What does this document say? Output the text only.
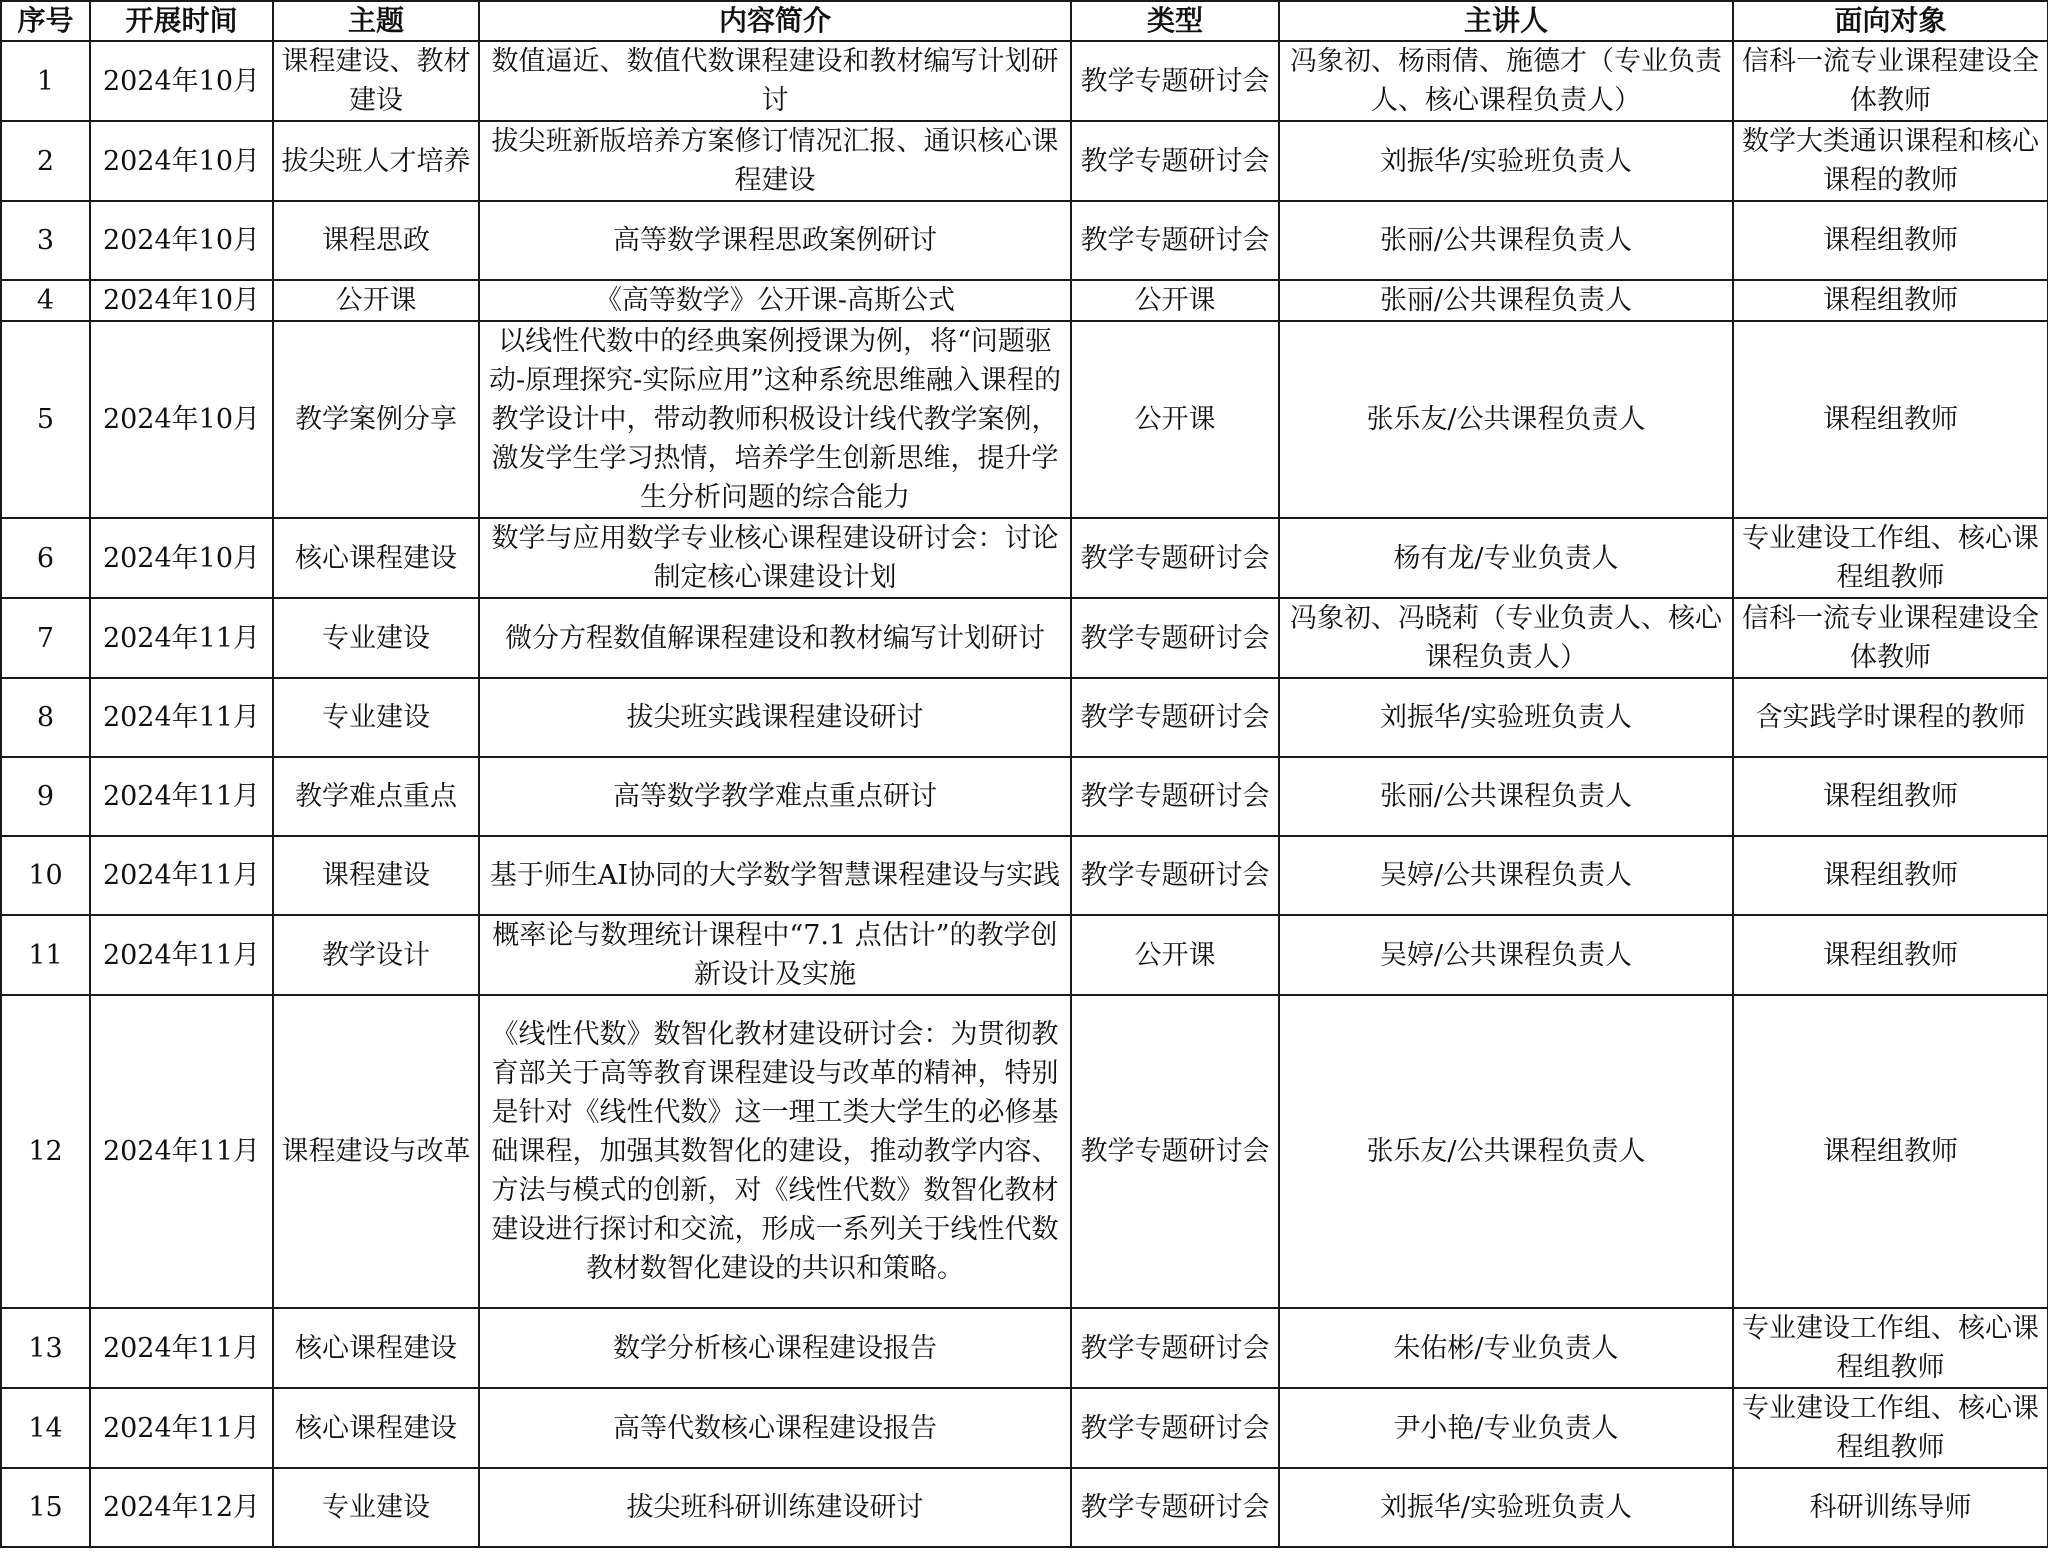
序号	开展时间	主题	内容简介	类型	主讲人	面向对象
1	2024年10月	课程建设、教材建设	数值逼近、数值代数课程建设和教材编写计划研讨	教学专题研讨会	冯象初、杨雨倩、施德才（专业负责人、核心课程负责人）	信科一流专业课程建设全体教师
2	2024年10月	拔尖班人才培养	拔尖班新版培养方案修订情况汇报、通识核心课程建设	教学专题研讨会	刘振华/实验班负责人	数学大类通识课程和核心课程的教师
3	2024年10月	课程思政	高等数学课程思政案例研讨	教学专题研讨会	张丽/公共课程负责人	课程组教师
4	2024年10月	公开课	《高等数学》公开课-高斯公式	公开课	张丽/公共课程负责人	课程组教师
5	2024年10月	教学案例分享	以线性代数中的经典案例授课为例，将“问题驱动-原理探究-实际应用”这种系统思维融入课程的教学设计中，带动教师积极设计线代教学案例，激发学生学习热情，培养学生创新思维，提升学生分析问题的综合能力	公开课	张乐友/公共课程负责人	课程组教师
6	2024年10月	核心课程建设	数学与应用数学专业核心课程建设研讨会：讨论制定核心课建设计划	教学专题研讨会	杨有龙/专业负责人	专业建设工作组、核心课程组教师
7	2024年11月	专业建设	微分方程数值解课程建设和教材编写计划研讨	教学专题研讨会	冯象初、冯晓莉（专业负责人、核心课程负责人）	信科一流专业课程建设全体教师
8	2024年11月	专业建设	拔尖班实践课程建设研讨	教学专题研讨会	刘振华/实验班负责人	含实践学时课程的教师
9	2024年11月	教学难点重点	高等数学教学难点重点研讨	教学专题研讨会	张丽/公共课程负责人	课程组教师
10	2024年11月	课程建设	基于师生AI协同的大学数学智慧课程建设与实践	教学专题研讨会	吴婷/公共课程负责人	课程组教师
11	2024年11月	教学设计	概率论与数理统计课程中“7.1 点估计”的教学创新设计及实施	公开课	吴婷/公共课程负责人	课程组教师
12	2024年11月	课程建设与改革	《线性代数》数智化教材建设研讨会：为贯彻教育部关于高等教育课程建设与改革的精神，特别是针对《线性代数》这一理工类大学生的必修基础课程，加强其数智化的建设，推动教学内容、方法与模式的创新，对《线性代数》数智化教材建设进行探讨和交流，形成一系列关于线性代数教材数智化建设的共识和策略。	教学专题研讨会	张乐友/公共课程负责人	课程组教师
13	2024年11月	核心课程建设	数学分析核心课程建设报告	教学专题研讨会	朱佑彬/专业负责人	专业建设工作组、核心课程组教师
14	2024年11月	核心课程建设	高等代数核心课程建设报告	教学专题研讨会	尹小艳/专业负责人	专业建设工作组、核心课程组教师
15	2024年12月	专业建设	拔尖班科研训练建设研讨	教学专题研讨会	刘振华/实验班负责人	科研训练导师
